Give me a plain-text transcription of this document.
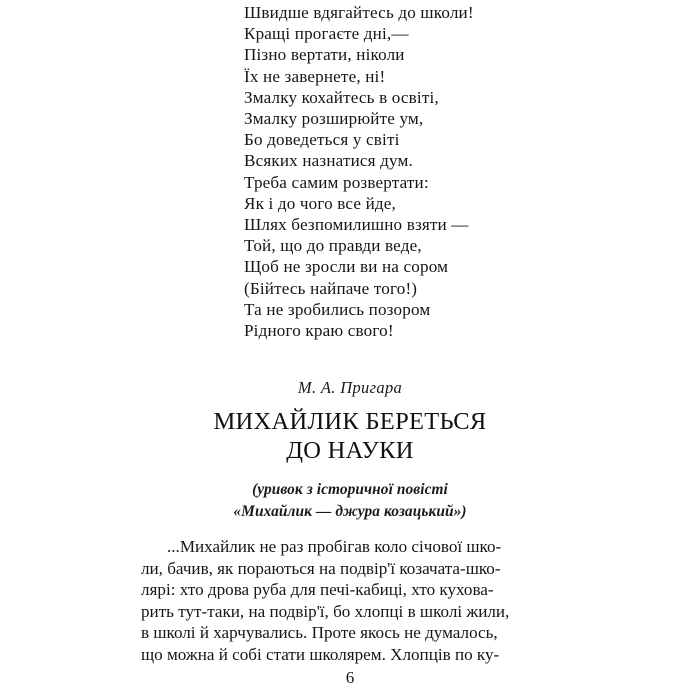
Швидше вдягайтесь до школи!
Кращі прогаєте дні,—
Пізно вертати, ніколи
Їх не завернете, ні!
Змалку кохайтесь в освіті,
Змалку розширюйте ум,
Бо доведеться у світі
Всяких назнатися дум.
Треба самим розвертати:
Як і до чого все йде,
Шлях безпомилишно взяти —
Той, що до правди веде,
Щоб не зросли ви на сором
(Бійтесь найпаче того!)
Та не зробились позором
Рідного краю свого!
М. А. Пригара
МИХАЙЛИК БЕРЕТЬСЯ
ДО НАУКИ
(уривок з історичної повісті
«Михайлик — джура козацький»)
...Михайлик не раз пробігав коло січової шко-
ли, бачив, як пораються на подвір'ї козачата-шко-
лярі: хто дрова руба для печі-кабиці, хто кухова-
рить тут-таки, на подвір'ї, бо хлопці в школі жили,
в школі й харчувались. Проте якось не думалось,
що можна й собі стати школярем. Хлопців по ку-
6
